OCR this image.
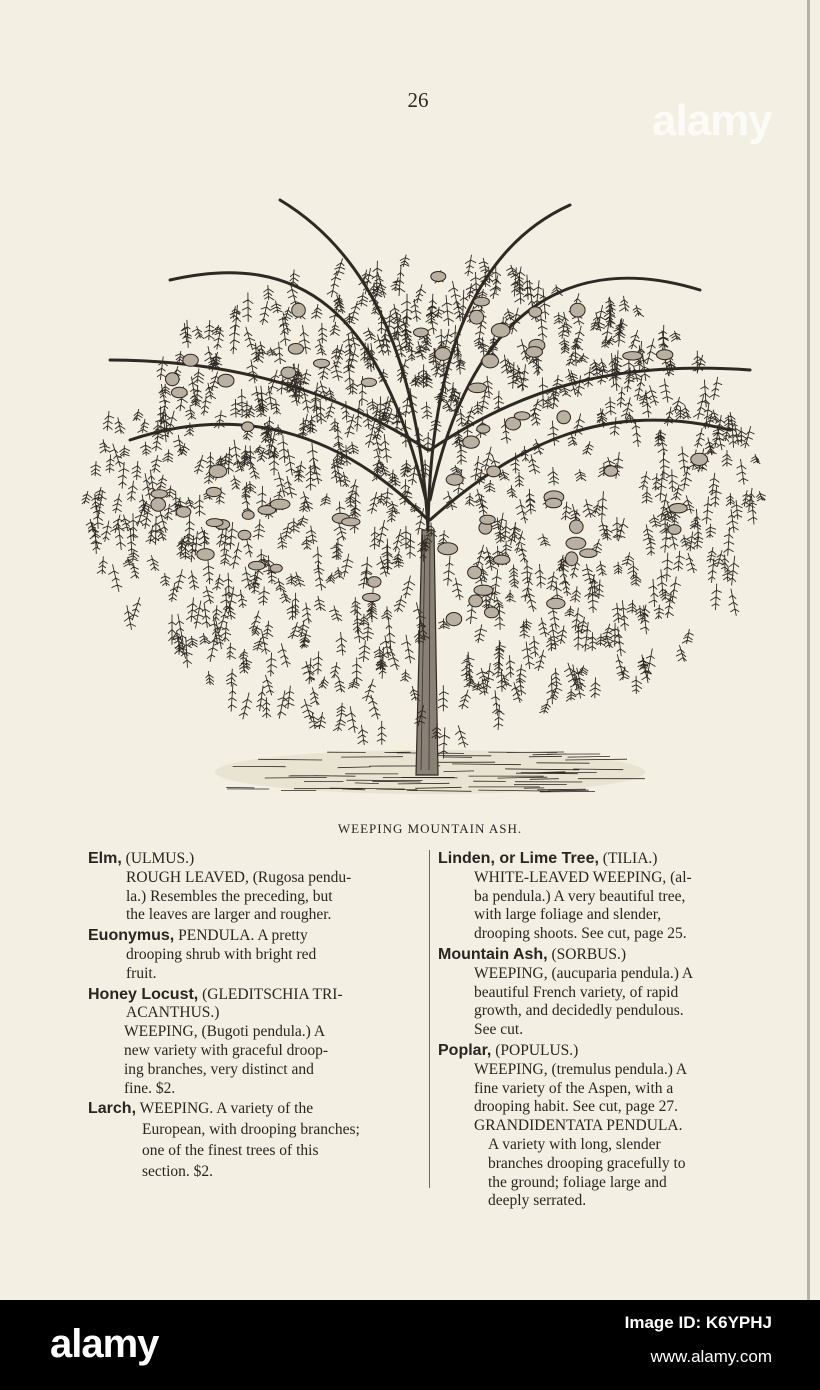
26	alamy
WEEPING MOUNTAIN ASH.
Elm, (ULMUS.)
ROUGH LEAVED, (Rugosa pendu-
la.) Resembles the preceding, but
the leaves are larger and rougher.
Euonymus, PENDULA. A pretty
drooping shrub with bright red
fruit.
Honey Locust, (GLEDITSCHIA TRI-
ACANTHUS.)
WEEPING, (Bugoti pendula.) A
new variety with graceful droop-
ing branches, very distinct and
fine. $2.
Larch, WEEPING. A variety of the
European, with drooping branches;
one of the finest trees of this
section. $2.
Linden, or Lime Tree, (TILIA.)
WHITE-LEAVED WEEPING, (al-
ba pendula.) A very beautiful tree,
with large foliage and slender,
drooping shoots. See cut, page 25.
Mountain Ash, (SORBUS.)
WEEPING, (aucuparia pendula.) A
beautiful French variety, of rapid
growth, and decidedly pendulous.
See cut.
Poplar, (POPULUS.)
WEEPING, (tremulus pendula.) A
fine variety of the Aspen, with a
drooping habit. See cut, page 27.
GRANDIDENTATA PENDULA.
A variety with long, slender
branches drooping gracefully to
the ground; foliage large and
deeply serrated.
alamy	Image ID: K6YPHJ
www.alamy.com
